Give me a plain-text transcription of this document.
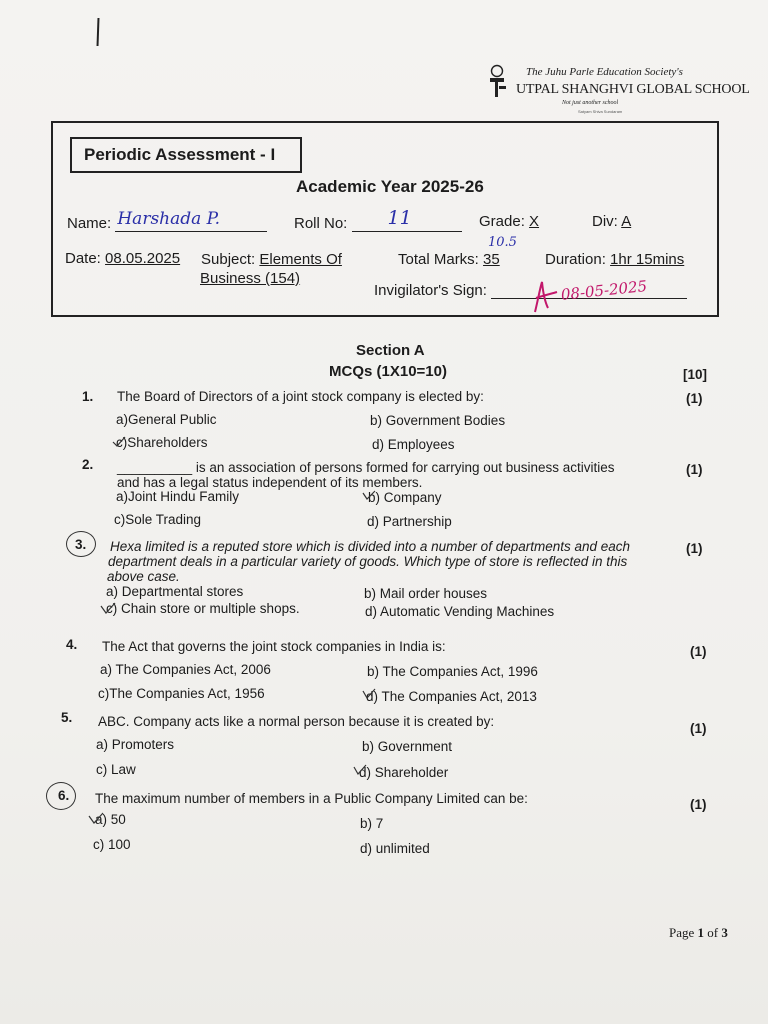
The Juhu Parle Education Society's
UTPAL SHANGHVI GLOBAL SCHOOL
Not just another school
Satyam Shiva Sundaram
Periodic Assessment - I
Academic Year 2025-26
Name: Harshada P.	Roll No: 11	Grade: X	Div: A
Date: 08.05.2025 Subject: Elements Of
Business (154)
Total Marks: 35
10.5
Duration: 1hr 15mins
Invigilator's Sign:	08-05-2025
Section A
MCQs (1X10=10)	[10]
1. The Board of Directors of a joint stock company is elected by:	(1)
a)General Public	b) Government Bodies
c)Shareholders	d) Employees
2. __________ is an association of persons formed for carrying out business activities
and has a legal status independent of its members.
(1)
a)Joint Hindu Family	b) Company
c)Sole Trading	d) Partnership
3. Hexa limited is a reputed store which is divided into a number of departments and each
department deals in a particular variety of goods. Which type of store is reflected in this
above case.
(1)
a) Departmental stores	b) Mail order houses
c) Chain store or multiple shops.	d) Automatic Vending Machines
4. The Act that governs the joint stock companies in India is:	(1)
a) The Companies Act, 2006	b) The Companies Act, 1996
c)The Companies Act, 1956	d) The Companies Act, 2013
5. ABC. Company acts like a normal person because it is created by:	(1)
a) Promoters	b) Government
c) Law	d) Shareholder
6. The maximum number of members in a Public Company Limited can be:	(1)
a) 50	b) 7
c) 100	d) unlimited
Page 1 of 3
